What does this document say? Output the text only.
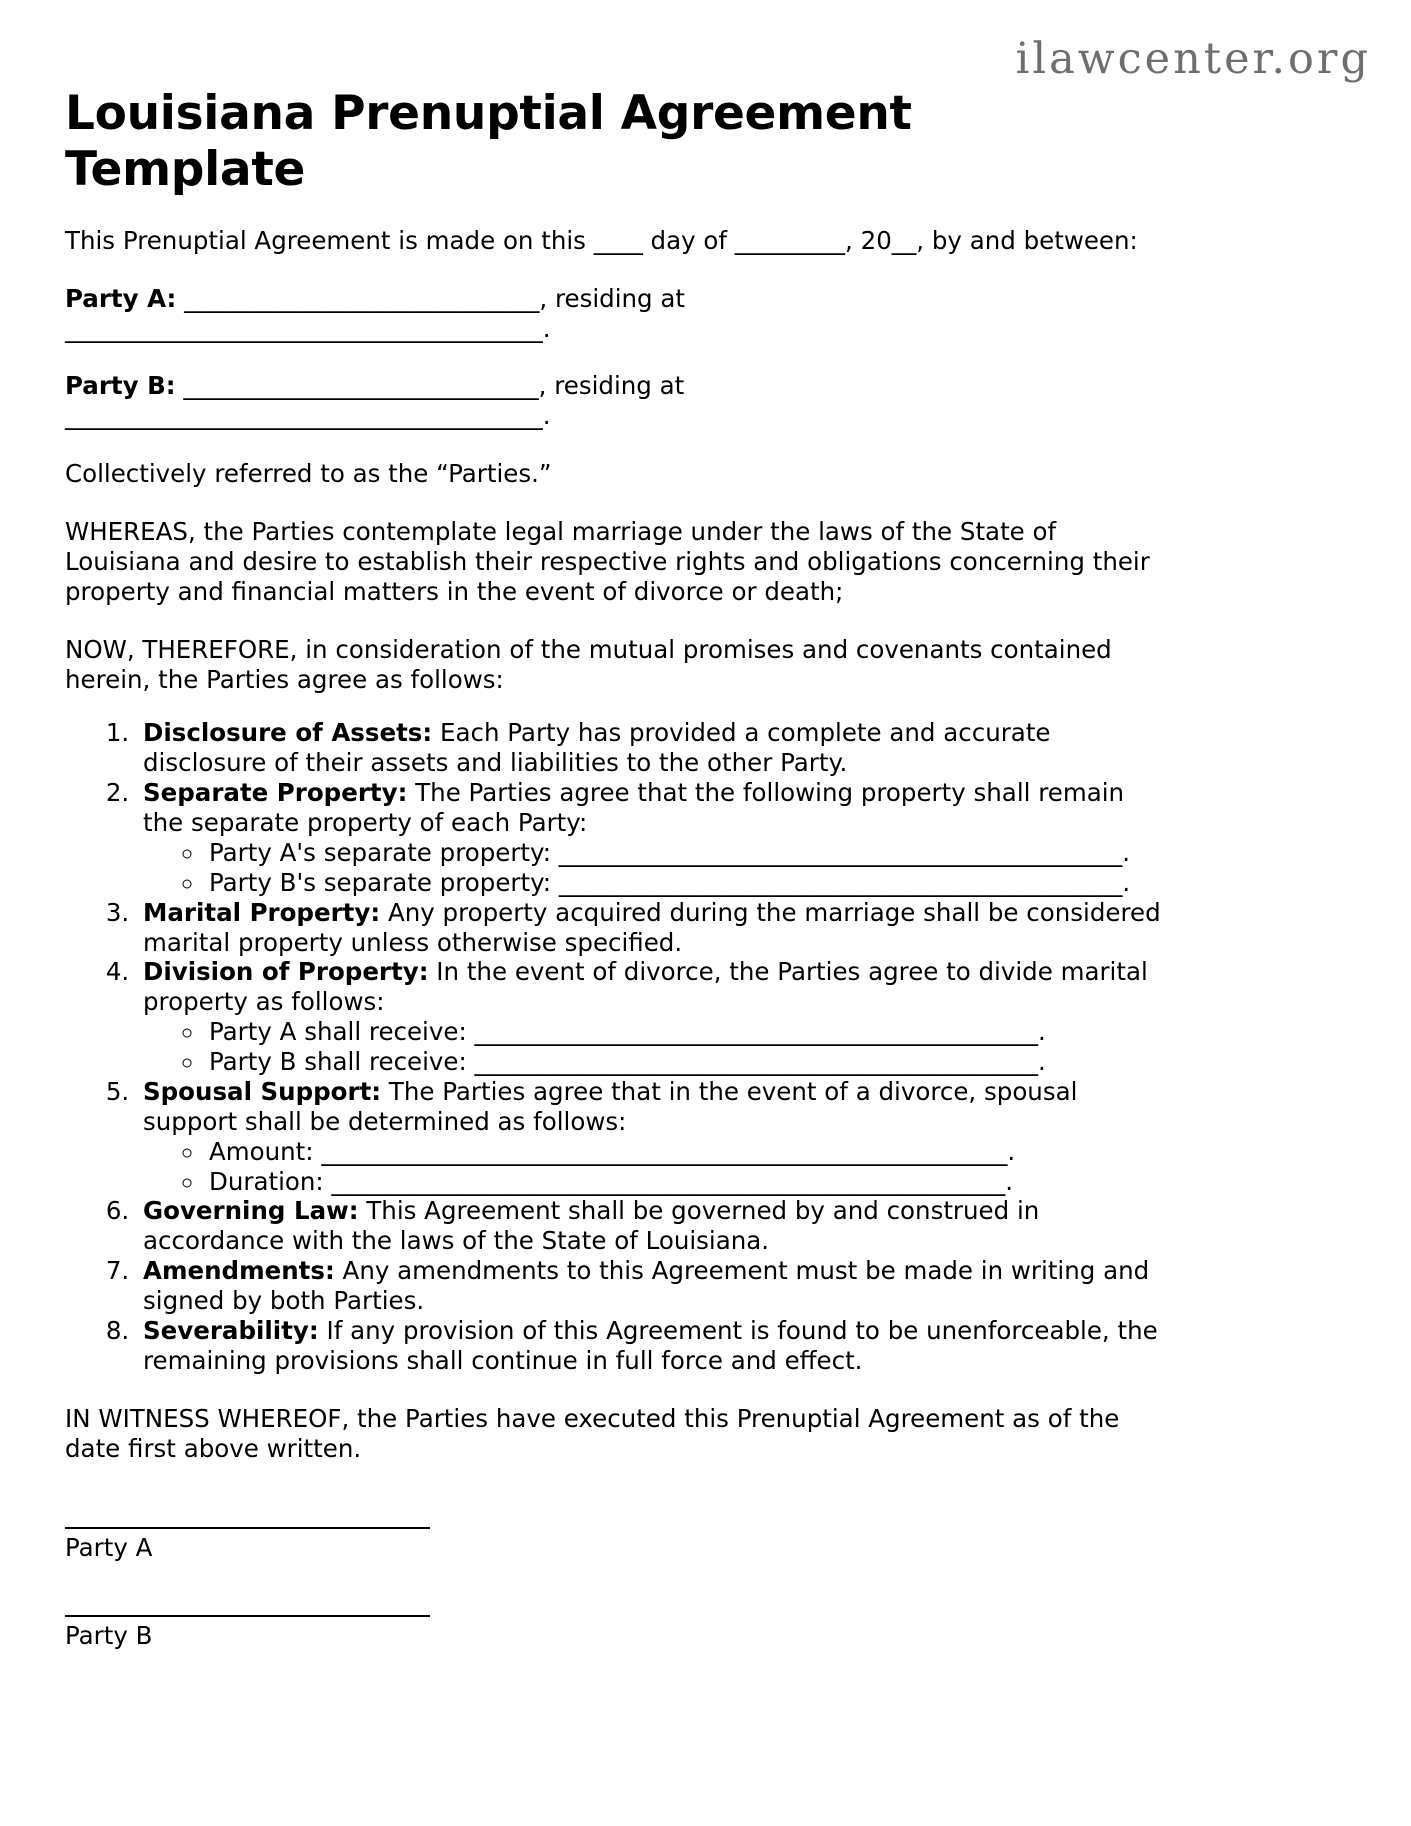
ilawcenter.org
Louisiana Prenuptial Agreement Template

This Prenuptial Agreement is made on this ____ day of _________, 20__, by and between:

Party A: _____________________________, residing at _______________________________________.

Party B: _____________________________, residing at _______________________________________.

Collectively referred to as the “Parties.”

WHEREAS, the Parties contemplate legal marriage under the laws of the State of Louisiana and desire to establish their respective rights and obligations concerning their property and financial matters in the event of divorce or death;

NOW, THEREFORE, in consideration of the mutual promises and covenants contained herein, the Parties agree as follows:

1. Disclosure of Assets: Each Party has provided a complete and accurate disclosure of their assets and liabilities to the other Party.
2. Separate Property: The Parties agree that the following property shall remain the separate property of each Party:
◦ Party A's separate property: ______________________________________________.
◦ Party B's separate property: ______________________________________________.
3. Marital Property: Any property acquired during the marriage shall be considered marital property unless otherwise specified.
4. Division of Property: In the event of divorce, the Parties agree to divide marital property as follows:
◦ Party A shall receive: ______________________________________________.
◦ Party B shall receive: ______________________________________________.
5. Spousal Support: The Parties agree that in the event of a divorce, spousal support shall be determined as follows:
◦ Amount: ________________________________________________________.
◦ Duration: _______________________________________________________.
6. Governing Law: This Agreement shall be governed by and construed in accordance with the laws of the State of Louisiana.
7. Amendments: Any amendments to this Agreement must be made in writing and signed by both Parties.
8. Severability: If any provision of this Agreement is found to be unenforceable, the remaining provisions shall continue in full force and effect.

IN WITNESS WHEREOF, the Parties have executed this Prenuptial Agreement as of the date first above written.

Party A
Party B
